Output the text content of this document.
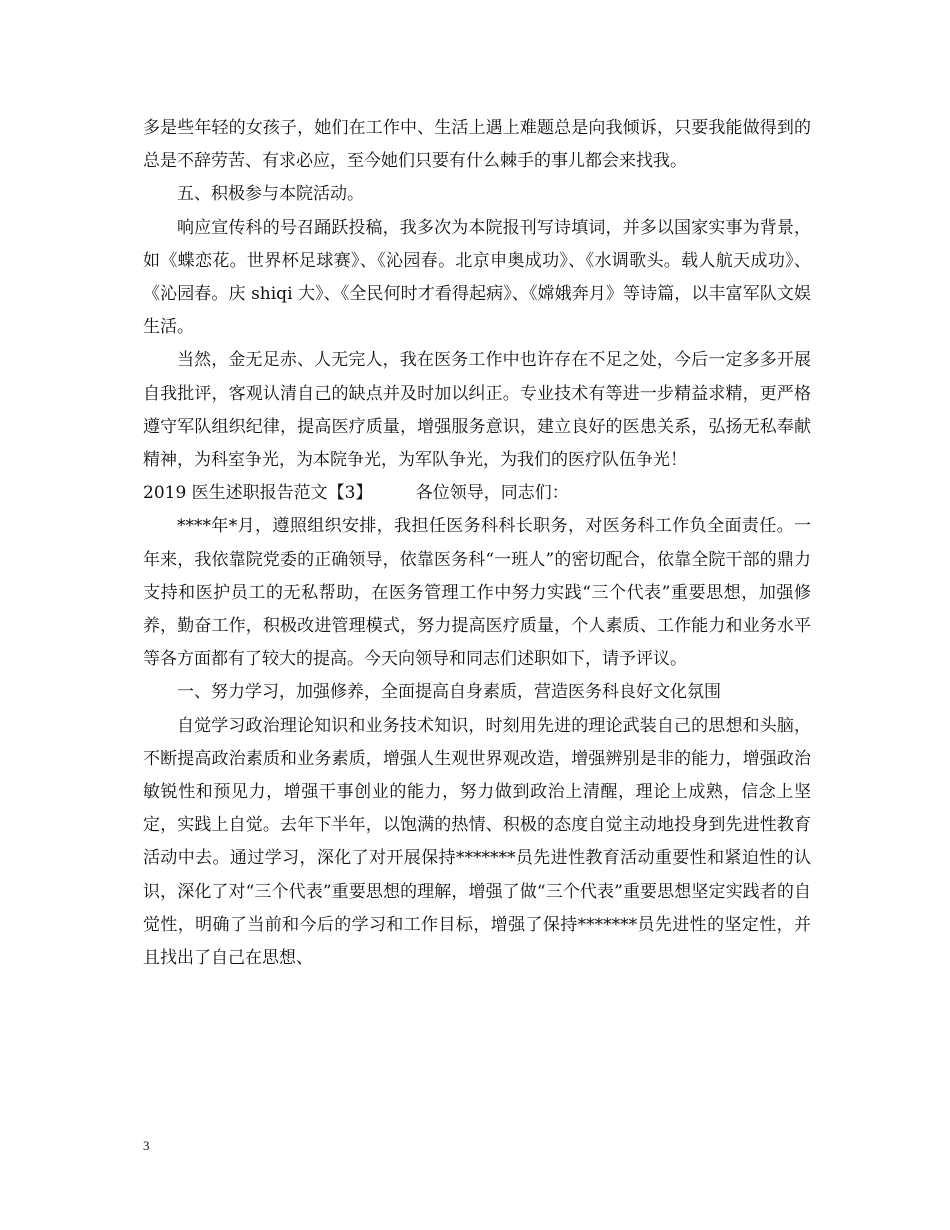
多是些年轻的女孩子，她们在工作中、生活上遇上难题总是向我倾诉，只要我能做得到的总是不辞劳苦、有求必应，至今她们只要有什么棘手的事儿都会来找我。

五、积极参与本院活动。

响应宣传科的号召踊跃投稿，我多次为本院报刊写诗填词，并多以国家实事为背景，如《蝶恋花。世界杯足球赛》、《沁园春。北京申奥成功》、《水调歌头。载人航天成功》、《沁园春。庆 shiqi 大》、《全民何时才看得起病》、《嫦娥奔月》等诗篇，以丰富军队文娱生活。

当然，金无足赤、人无完人，我在医务工作中也许存在不足之处，今后一定多多开展自我批评，客观认清自己的缺点并及时加以纠正。专业技术有等进一步精益求精，更严格遵守军队组织纪律，提高医疗质量，增强服务意识，建立良好的医患关系，弘扬无私奉献精神，为科室争光，为本院争光，为军队争光，为我们的医疗队伍争光！

2019 医生述职报告范文【3】        各位领导，同志们：

****年*月，遵照组织安排，我担任医务科科长职务，对医务科工作负全面责任。一年来，我依靠院党委的正确领导，依靠医务科“一班人”的密切配合，依靠全院干部的鼎力支持和医护员工的无私帮助，在医务管理工作中努力实践“三个代表”重要思想，加强修养，勤奋工作，积极改进管理模式，努力提高医疗质量，个人素质、工作能力和业务水平等各方面都有了较大的提高。今天向领导和同志们述职如下，请予评议。

一、努力学习，加强修养，全面提高自身素质，营造医务科良好文化氛围

自觉学习政治理论知识和业务技术知识，时刻用先进的理论武装自己的思想和头脑，不断提高政治素质和业务素质，增强人生观世界观改造，增强辨别是非的能力，增强政治敏锐性和预见力，增强干事创业的能力，努力做到政治上清醒，理论上成熟，信念上坚定，实践上自觉。去年下半年，以饱满的热情、积极的态度自觉主动地投身到先进性教育活动中去。通过学习，深化了对开展保持*******员先进性教育活动重要性和紧迫性的认识，深化了对“三个代表”重要思想的理解，增强了做“三个代表”重要思想坚定实践者的自觉性，明确了当前和今后的学习和工作目标，增强了保持*******员先进性的坚定性，并且找出了自己在思想、

3
